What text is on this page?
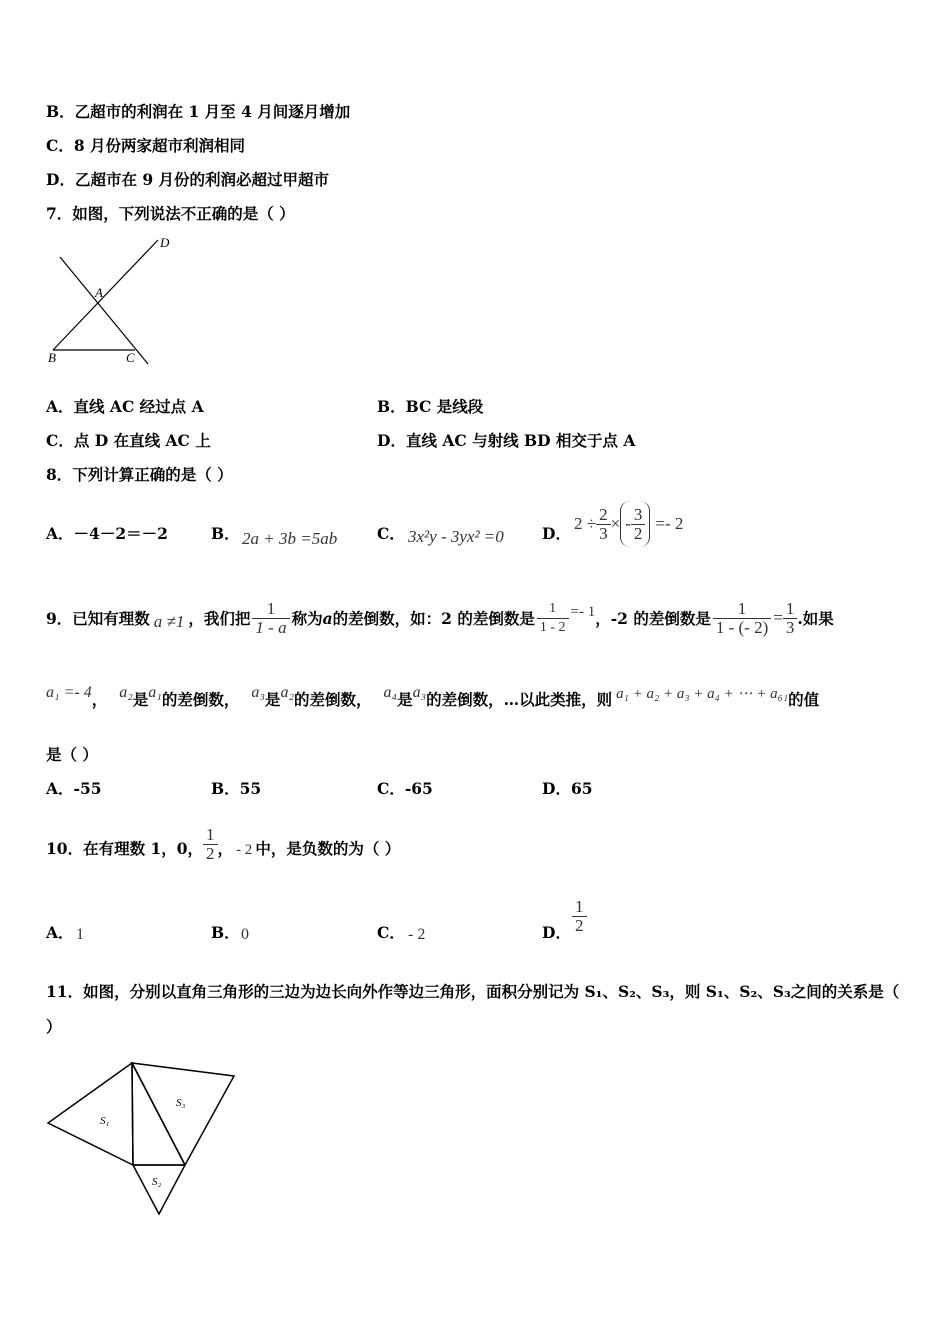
B．乙超市的利润在 1 月至 4 月间逐月增加
C．8 月份两家超市利润相同
D．乙超市在 9 月份的利润必超过甲超市
7．如图，下列说法不正确的是（ ）
D
A
B	C
A．直线 AC 经过点 A	B．BC 是线段
C．点 D 在直线 AC 上	D．直线 AC 与射线 BD 相交于点 A
8．下列计算正确的是（ ）
A．－4－2＝－2	B． 2a + 3b =5ab	C． 3x²y - 3yx² =0 D．
$2 \div \frac{2}{3}$ × - $\frac{3}{2} =- 2$
9．已知有理数 a ≠1 ，我们把 $\frac{1}{1 - a}$ 称为 a 的差倒数，如：2 的差倒数是 $\frac{1}{1 - 2} =- 1$ ，-2 的差倒数是 $\frac{1}{1 - (- 2)} = \frac{1}{3}$ .如果
a₁ =- 4 ， a₂ 是 a₁ 的差倒数， a₃ 是 a₂ 的差倒数， a₄ 是 a₃ 的差倒数，…以此类推，则 a₁ + a₂ + a₃ + a₄ + ⋯ + a₆₁ 的值
是（ ）
A．-55	B．55	C．-65	D．65
10．在有理数 1，0， $\frac{1}{2}$ ， - 2 中，是负数的为（ ）
A． 1	B． 0	C． - 2	D． $\frac{1}{2}$
11．如图，分别以直角三角形的三边为边长向外作等边三角形，面积分别记为 S₁、S₂、S₃，则 S₁、S₂、S₃之间的关系是（
）
S₁
S₃
S₂
